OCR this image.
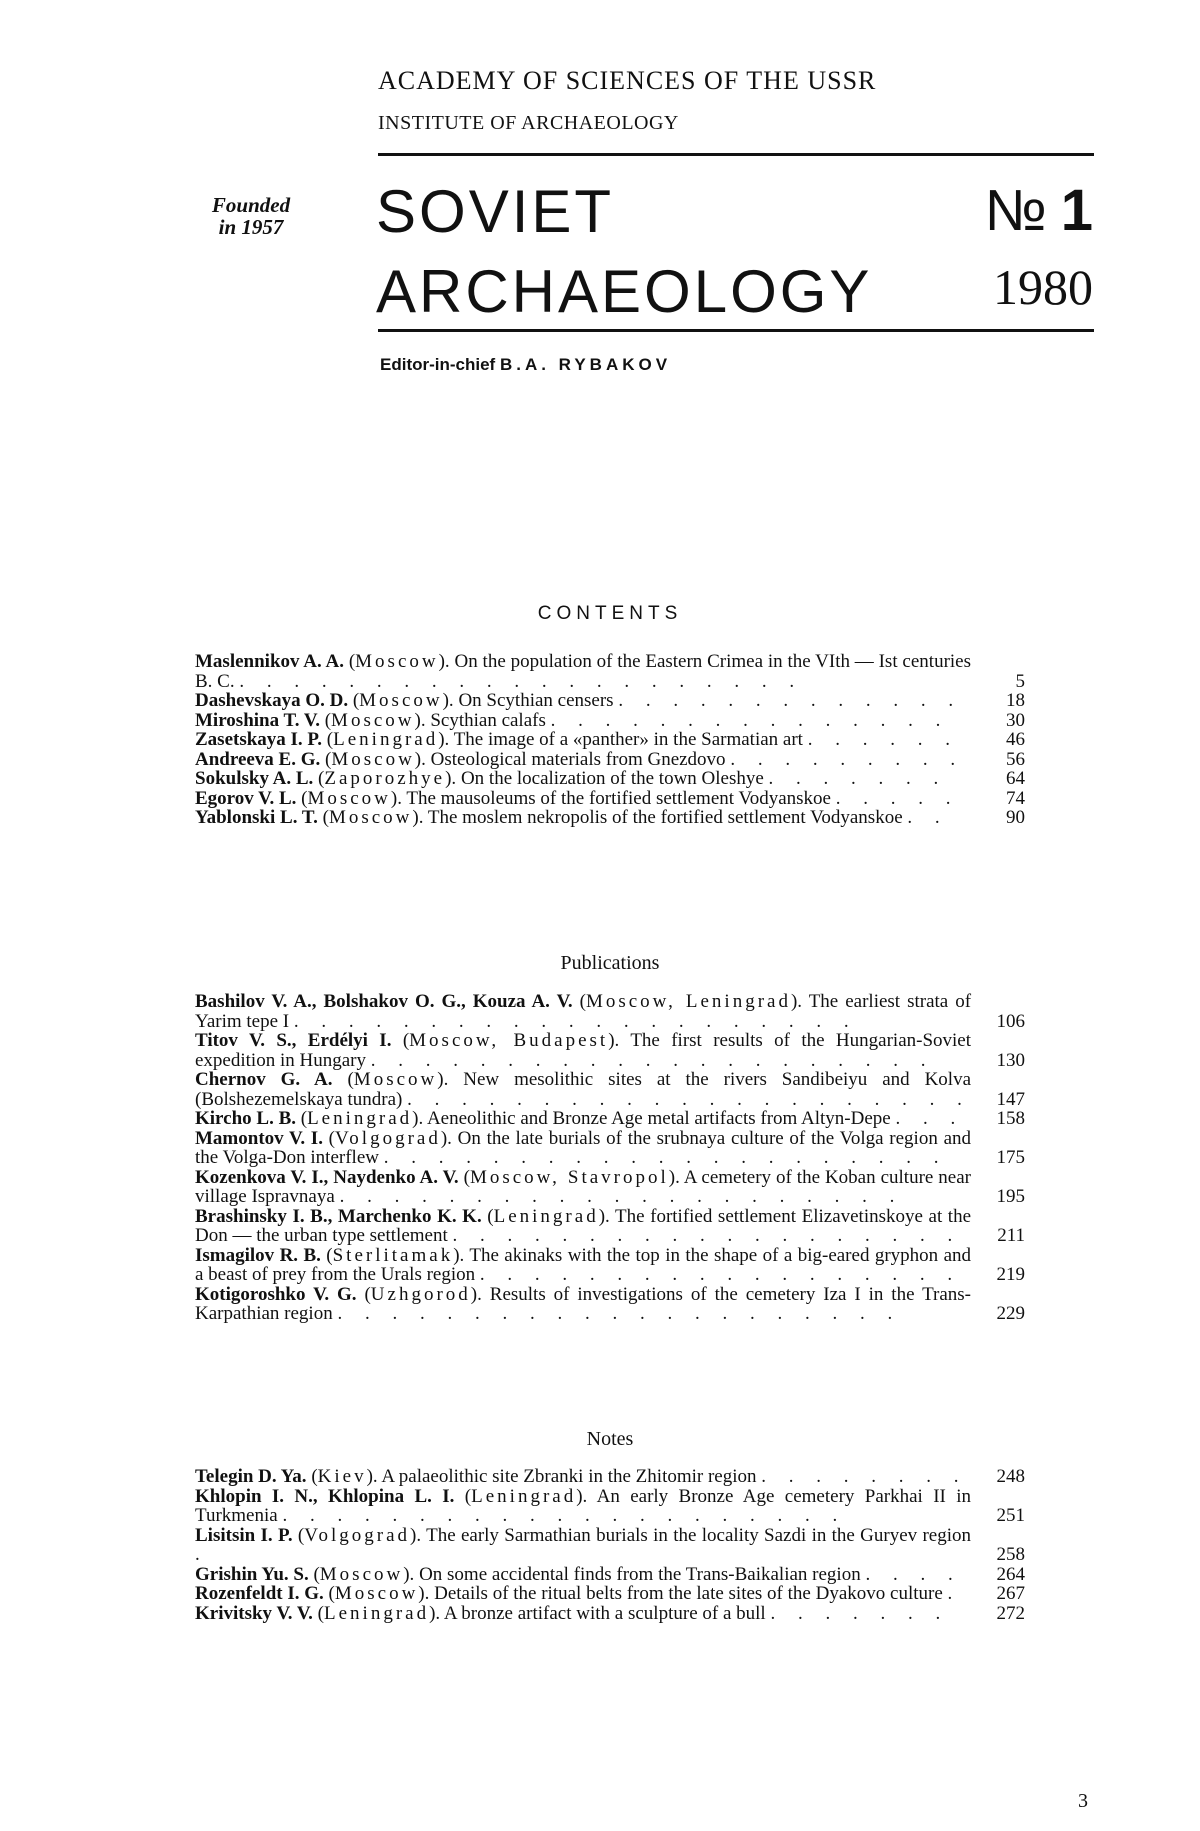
ACADEMY OF SCIENCES OF THE USSR
INSTITUTE OF ARCHAEOLOGY
Founded
in 1957	SOVIET
ARCHAEOLOGY
№ 1
1980
Editor-in-chief B.A. RYBAKOV
CONTENTS
Maslennikov A. A. (Moscow). On the population of the Eastern Crimea in the VIth — Ist centuries B. C. . . . . . . . . . . . . . . . . . . . . .	5
Dashevskaya O. D. (Moscow). On Scythian censers . . . . . . . . . . . . .	18
Miroshina T. V. (Moscow). Scythian calafs . . . . . . . . . . . . . . .	30
Zasetskaya I. P. (Leningrad). The image of a «panther» in the Sarmatian art . . . . . .	46
Andreeva E. G. (Moscow). Osteological materials from Gnezdovo . . . . . . . . .	56
Sokulsky A. L. (Zaporozhye). On the localization of the town Oleshye . . . . . . .	64
Egorov V. L. (Moscow). The mausoleums of the fortified settlement Vodyanskoe . . . . .	74
Yablonski L. T. (Moscow). The moslem nekropolis of the fortified settlement Vodyanskoe . .	90
Publications
Bashilov V. A., Bolshakov O. G., Kouza A. V. (Moscow, Leningrad). The earliest strata of Yarim tepe I . . . . . . . . . . . . . . . . . . . . .	106
Titov V. S., Erdélyi I. (Moscow, Budapest). The first results of the Hungarian-Soviet expedition in Hungary . . . . . . . . . . . . . . . . . . . . .	130
Chernov G. A. (Moscow). New mesolithic sites at the rivers Sandibeiyu and Kolva (Bolshezemelskaya tundra) . . . . . . . . . . . . . . . . . . . . .	147
Kircho L. B. (Leningrad). Aeneolithic and Bronze Age metal artifacts from Altyn-Depe . . .	158
Mamontov V. I. (Volgograd). On the late burials of the srubnaya culture of the Volga region and the Volga-Don interflew . . . . . . . . . . . . . . . . . . . . .	175
Kozenkova V. I., Naydenko A. V. (Moscow, Stavropol). A cemetery of the Koban culture near village Ispravnaya . . . . . . . . . . . . . . . . . . . . .	195
Brashinsky I. B., Marchenko K. K. (Leningrad). The fortified settlement Elizavetinskoye at the Don — the urban type settlement . . . . . . . . . . . . . . . . . . .	211
Ismagilov R. B. (Sterlitamak). The akinaks with the top in the shape of a big-eared gryphon and a beast of prey from the Urals region . . . . . . . . . . . . . . . . . .	219
Kotigoroshko V. G. (Uzhgorod). Results of investigations of the cemetery Iza I in the Trans-Karpathian region . . . . . . . . . . . . . . . . . . . . .	229
Notes
Telegin D. Ya. (Kiev). A palaeolithic site Zbranki in the Zhitomir region . . . . . . . .	248
Khlopin I. N., Khlopina L. I. (Leningrad). An early Bronze Age cemetery Parkhai II in Turkmenia . . . . . . . . . . . . . . . . . . . . .	251
Lisitsin I. P. (Volgograd). The early Sarmathian burials in the locality Sazdi in the Guryev region .	258
Grishin Yu. S. (Moscow). On some accidental finds from the Trans-Baikalian region . . . .	264
Rozenfeldt I. G. (Moscow). Details of the ritual belts from the late sites of the Dyakovo culture .	267
Krivitsky V. V. (Leningrad). A bronze artifact with a sculpture of a bull . . . . . . .	272
3
